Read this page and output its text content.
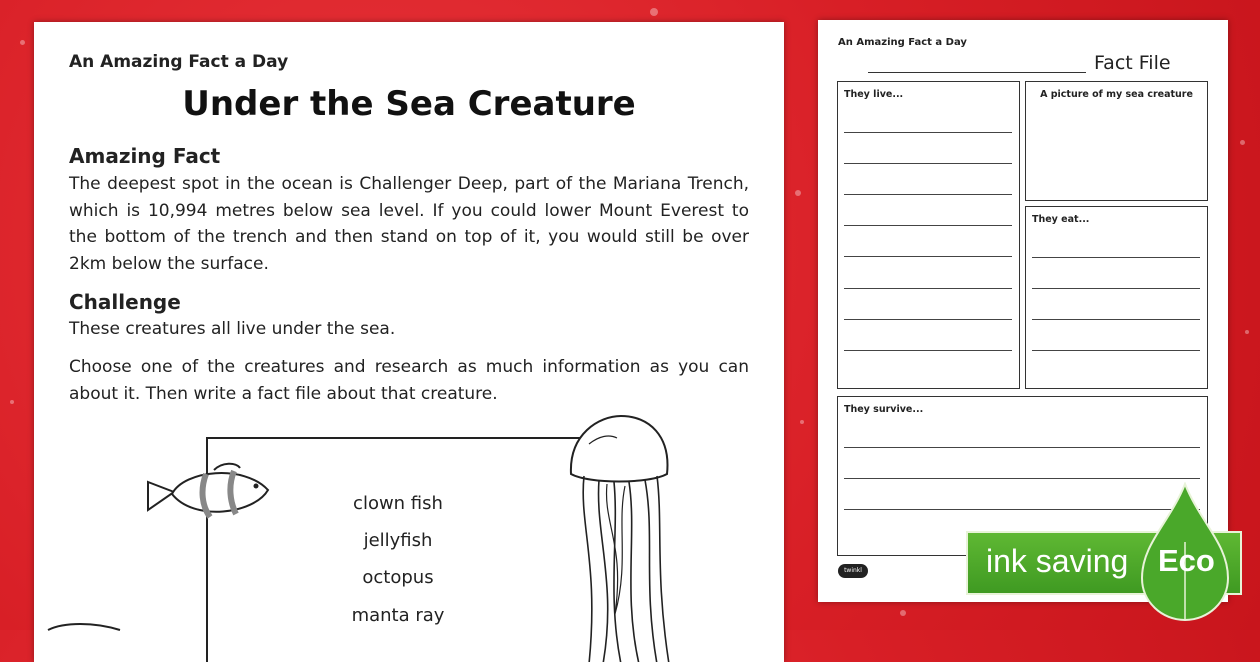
An Amazing Fact a Day
Under the Sea Creature
Amazing Fact
The deepest spot in the ocean is Challenger Deep, part of the Mariana Trench, which is 10,994 metres below sea level. If you could lower Mount Everest to the bottom of the trench and then stand on top of it, you would still be over 2km below the surface.
Challenge
These creatures all live under the sea.
Choose one of the creatures and research as much information as you can about it. Then write a fact file about that creature.
clown fish
jellyfish
octopus
manta ray
An Amazing Fact a Day
Fact File
They live...	A picture of my sea creature
They eat...
They survive...
twinkl	ink saving Eco
